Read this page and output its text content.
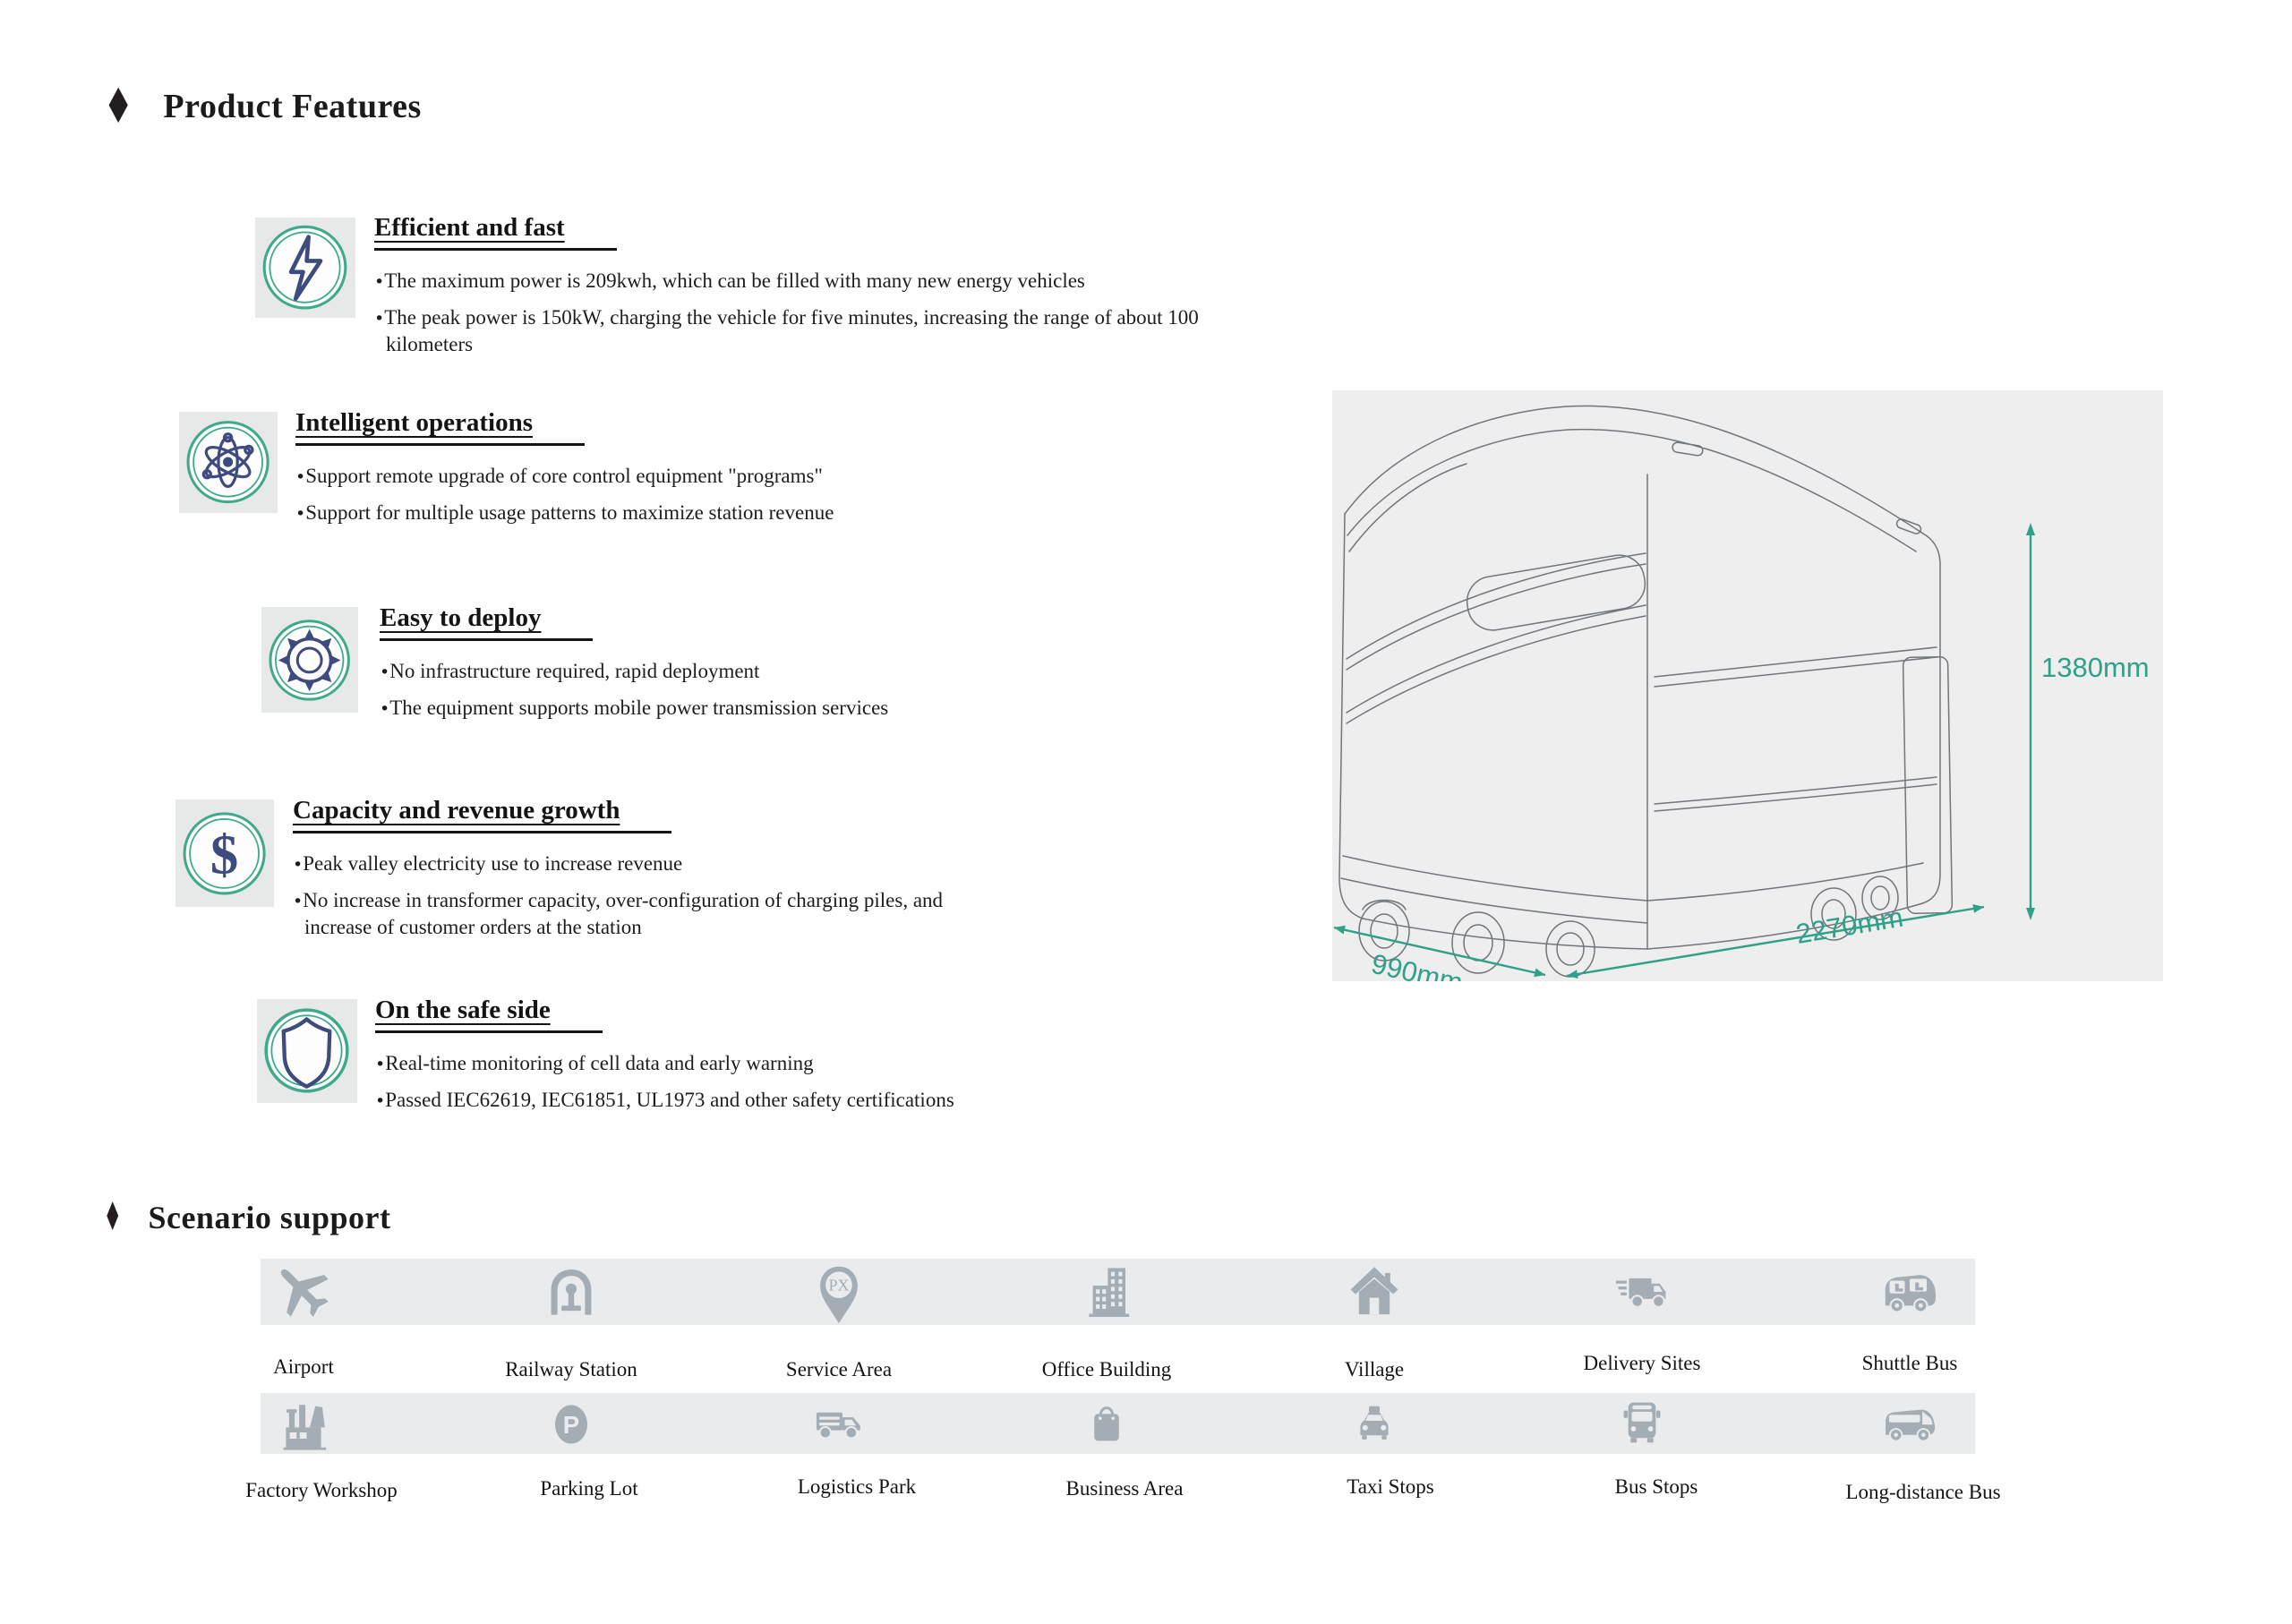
♦ Product Features
Efficient and fast
•The maximum power is 209kwh, which can be filled with many new energy vehicles
•The peak power is 150kW, charging the vehicle for five minutes, increasing the range of about 100 kilometers
Intelligent operations
•Support remote upgrade of core control equipment "programs"
•Support for multiple usage patterns to maximize station revenue
Easy to deploy
•No infrastructure required, rapid deployment
•The equipment supports mobile power transmission services
Capacity and revenue growth
•Peak valley electricity use to increase revenue
•No increase in transformer capacity, over-configuration of charging piles, and increase of customer orders at the station
On the safe side
•Real-time monitoring of cell data and early warning
•Passed IEC62619, IEC61851, UL1973 and other safety certifications
1380mm
990mm
2270mm
♦ Scenario support
Airport	Railway Station	Service Area	Office Building	Village	Delivery Sites	Shuttle Bus
Factory Workshop	Parking Lot	Logistics Park	Business Area	Taxi Stops	Bus Stops	Long-distance Bus
